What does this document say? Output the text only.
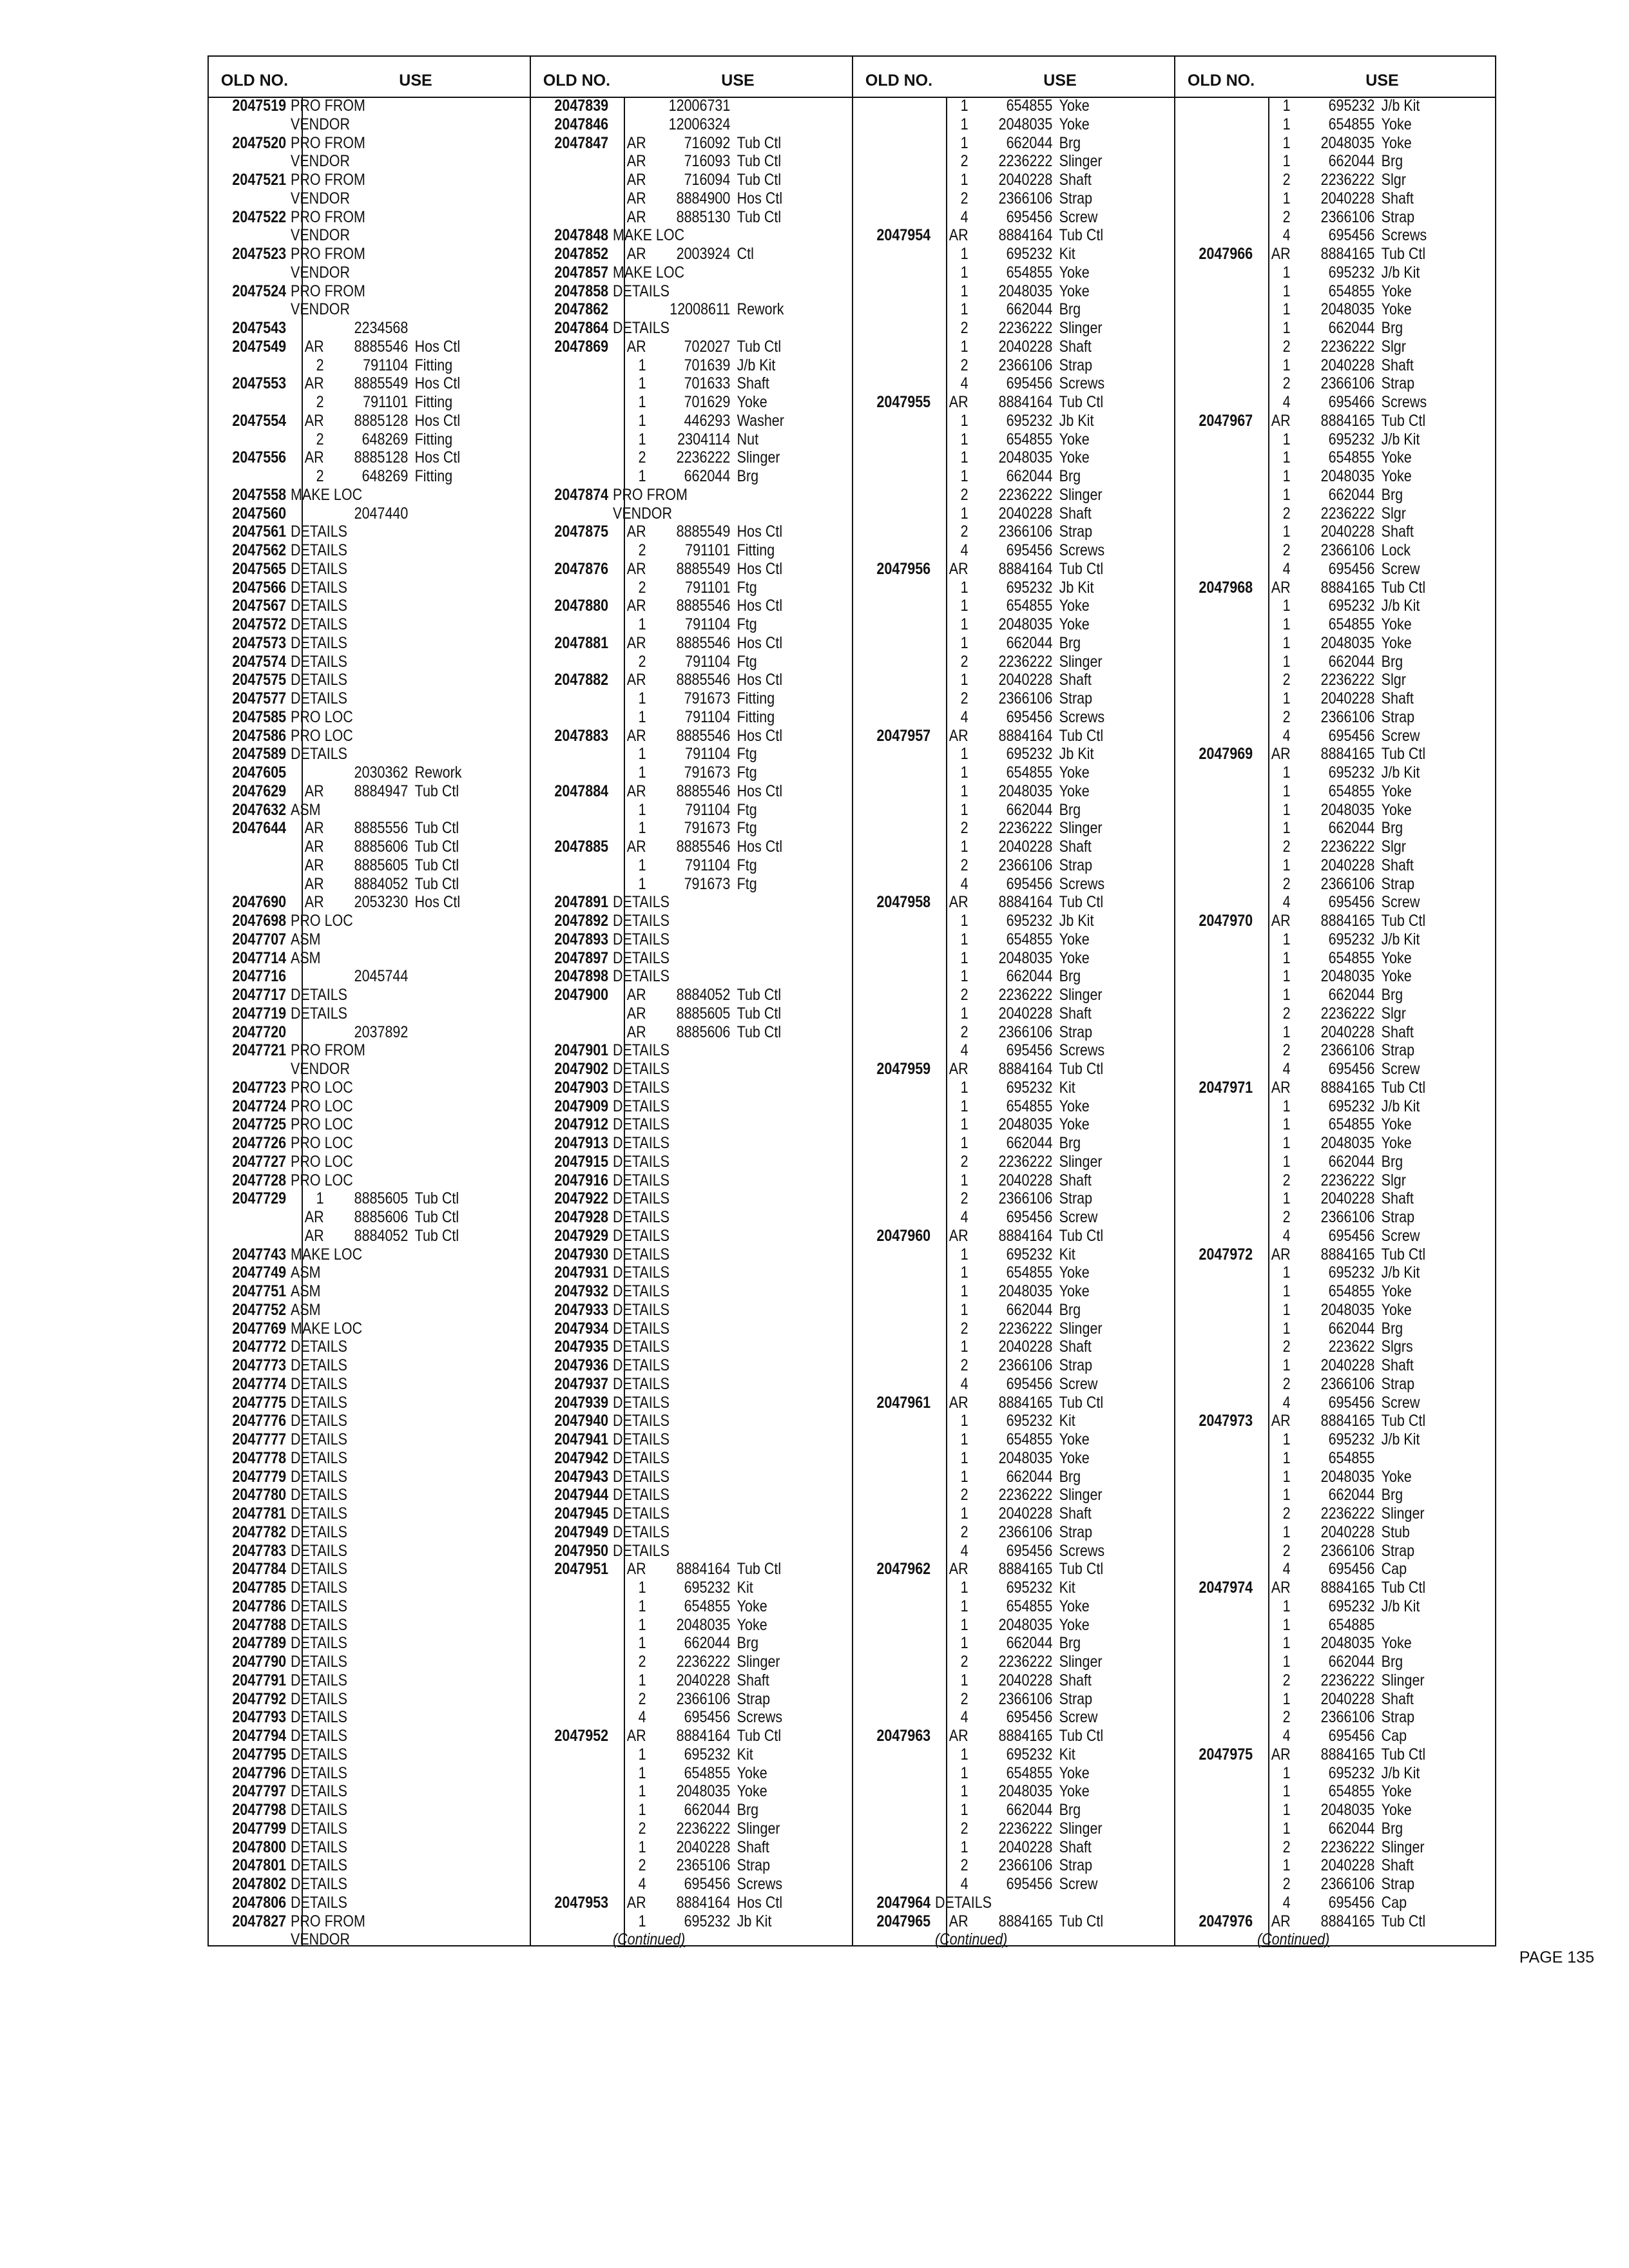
OLD NO.	USE	OLD NO.	USE	OLD NO.	USE	OLD NO.	USE
2047519 PRO FROM
VENDOR
2047520 PRO FROM
VENDOR
2047521 PRO FROM
VENDOR
2047522 PRO FROM
VENDOR
2047523 PRO FROM
VENDOR
2047524 PRO FROM
VENDOR
2047543	2234568
2047549	AR	8885546 Hos Ctl
2	791104 Fitting
2047553	AR	8885549 Hos Ctl
2	791101 Fitting
2047554	AR	8885128 Hos Ctl
2	648269 Fitting
2047556	AR	8885128 Hos Ctl
2	648269 Fitting
2047558 MAKE LOC
2047560	2047440
2047561 DETAILS
2047562 DETAILS
2047565 DETAILS
2047566 DETAILS
2047567 DETAILS
2047572 DETAILS
2047573 DETAILS
2047574 DETAILS
2047575 DETAILS
2047577 DETAILS
2047585 PRO LOC
2047586 PRO LOC
2047589 DETAILS
2047605	2030362 Rework
2047629	AR	8884947 Tub Ctl
2047632 ASM
2047644	AR	8885556 Tub Ctl
AR	8885606 Tub Ctl
AR	8885605 Tub Ctl
AR	8884052 Tub Ctl
2047690	AR	2053230 Hos Ctl
2047698 PRO LOC
2047707 ASM
2047714 ASM
2047716	2045744
2047717 DETAILS
2047719 DETAILS
2047720	2037892
2047721 PRO FROM
VENDOR
2047723 PRO LOC
2047724 PRO LOC
2047725 PRO LOC
2047726 PRO LOC
2047727 PRO LOC
2047728 PRO LOC
2047729	1	8885605 Tub Ctl
AR	8885606 Tub Ctl
AR	8884052 Tub Ctl
2047743 MAKE LOC
2047749 ASM
2047751 ASM
2047752 ASM
2047769 MAKE LOC
2047772 DETAILS
2047773 DETAILS
2047774 DETAILS
2047775 DETAILS
2047776 DETAILS
2047777 DETAILS
2047778 DETAILS
2047779 DETAILS
2047780 DETAILS
2047781 DETAILS
2047782 DETAILS
2047783 DETAILS
2047784 DETAILS
2047785 DETAILS
2047786 DETAILS
2047788 DETAILS
2047789 DETAILS
2047790 DETAILS
2047791 DETAILS
2047792 DETAILS
2047793 DETAILS
2047794 DETAILS
2047795 DETAILS
2047796 DETAILS
2047797 DETAILS
2047798 DETAILS
2047799 DETAILS
2047800 DETAILS
2047801 DETAILS
2047802 DETAILS
2047806 DETAILS
2047827 PRO FROM
VENDOR
2047839	12006731
2047846	12006324
2047847	AR	716092 Tub Ctl
AR	716093 Tub Ctl
AR	716094 Tub Ctl
AR	8884900 Hos Ctl
AR	8885130 Tub Ctl
2047848 MAKE LOC
2047852	AR	2003924 Ctl
2047857 MAKE LOC
2047858 DETAILS
2047862	12008611 Rework
2047864 DETAILS
2047869	AR	702027 Tub Ctl
1	701639 J/b Kit
1	701633 Shaft
1	701629 Yoke
1	446293 Washer
1	2304114 Nut
2	2236222 Slinger
1	662044 Brg
2047874 PRO FROM
VENDOR
2047875	AR	8885549 Hos Ctl
2	791101 Fitting
2047876	AR	8885549 Hos Ctl
2	791101 Ftg
2047880	AR	8885546 Hos Ctl
1	791104 Ftg
2047881	AR	8885546 Hos Ctl
2	791104 Ftg
2047882	AR	8885546 Hos Ctl
1	791673 Fitting
1	791104 Fitting
2047883	AR	8885546 Hos Ctl
1	791104 Ftg
1	791673 Ftg
2047884	AR	8885546 Hos Ctl
1	791104 Ftg
1	791673 Ftg
2047885	AR	8885546 Hos Ctl
1	791104 Ftg
1	791673 Ftg
2047891 DETAILS
2047892 DETAILS
2047893 DETAILS
2047897 DETAILS
2047898 DETAILS
2047900	AR	8884052 Tub Ctl
AR	8885605 Tub Ctl
AR	8885606 Tub Ctl
2047901 DETAILS
2047902 DETAILS
2047903 DETAILS
2047909 DETAILS
2047912 DETAILS
2047913 DETAILS
2047915 DETAILS
2047916 DETAILS
2047922 DETAILS
2047928 DETAILS
2047929 DETAILS
2047930 DETAILS
2047931 DETAILS
2047932 DETAILS
2047933 DETAILS
2047934 DETAILS
2047935 DETAILS
2047936 DETAILS
2047937 DETAILS
2047939 DETAILS
2047940 DETAILS
2047941 DETAILS
2047942 DETAILS
2047943 DETAILS
2047944 DETAILS
2047945 DETAILS
2047949 DETAILS
2047950 DETAILS
2047951	AR	8884164 Tub Ctl
1	695232 Kit
1	654855 Yoke
1	2048035 Yoke
1	662044 Brg
2	2236222 Slinger
1	2040228 Shaft
2	2366106 Strap
4	695456 Screws
2047952	AR	8884164 Tub Ctl
1	695232 Kit
1	654855 Yoke
1	2048035 Yoke
1	662044 Brg
2	2236222 Slinger
1	2040228 Shaft
2	2365106 Strap
4	695456 Screws
2047953	AR	8884164 Hos Ctl
1	695232 Jb Kit
(Continued)
1	654855 Yoke
1	2048035 Yoke
1	662044 Brg
2	2236222 Slinger
1	2040228 Shaft
2	2366106 Strap
4	695456 Screw
2047954	AR	8884164 Tub Ctl
1	695232 Kit
1	654855 Yoke
1	2048035 Yoke
1	662044 Brg
2	2236222 Slinger
1	2040228 Shaft
2	2366106 Strap
4	695456 Screws
2047955	AR	8884164 Tub Ctl
1	695232 Jb Kit
1	654855 Yoke
1	2048035 Yoke
1	662044 Brg
2	2236222 Slinger
1	2040228 Shaft
2	2366106 Strap
4	695456 Screws
2047956	AR	8884164 Tub Ctl
1	695232 Jb Kit
1	654855 Yoke
1	2048035 Yoke
1	662044 Brg
2	2236222 Slinger
1	2040228 Shaft
2	2366106 Strap
4	695456 Screws
2047957	AR	8884164 Tub Ctl
1	695232 Jb Kit
1	654855 Yoke
1	2048035 Yoke
1	662044 Brg
2	2236222 Slinger
1	2040228 Shaft
2	2366106 Strap
4	695456 Screws
2047958	AR	8884164 Tub Ctl
1	695232 Jb Kit
1	654855 Yoke
1	2048035 Yoke
1	662044 Brg
2	2236222 Slinger
1	2040228 Shaft
2	2366106 Strap
4	695456 Screws
2047959	AR	8884164 Tub Ctl
1	695232 Kit
1	654855 Yoke
1	2048035 Yoke
1	662044 Brg
2	2236222 Slinger
1	2040228 Shaft
2	2366106 Strap
4	695456 Screw
2047960	AR	8884164 Tub Ctl
1	695232 Kit
1	654855 Yoke
1	2048035 Yoke
1	662044 Brg
2	2236222 Slinger
1	2040228 Shaft
2	2366106 Strap
4	695456 Screw
2047961	AR	8884165 Tub Ctl
1	695232 Kit
1	654855 Yoke
1	2048035 Yoke
1	662044 Brg
2	2236222 Slinger
1	2040228 Shaft
2	2366106 Strap
4	695456 Screws
2047962	AR	8884165 Tub Ctl
1	695232 Kit
1	654855 Yoke
1	2048035 Yoke
1	662044 Brg
2	2236222 Slinger
1	2040228 Shaft
2	2366106 Strap
4	695456 Screw
2047963	AR	8884165 Tub Ctl
1	695232 Kit
1	654855 Yoke
1	2048035 Yoke
1	662044 Brg
2	2236222 Slinger
1	2040228 Shaft
2	2366106 Strap
4	695456 Screw
2047964 DETAILS
2047965	AR	8884165 Tub Ctl
(Continued)
1	695232 J/b Kit
1	654855 Yoke
1	2048035 Yoke
1	662044 Brg
2	2236222 Slgr
1	2040228 Shaft
2	2366106 Strap
4	695456 Screws
2047966	AR	8884165 Tub Ctl
1	695232 J/b Kit
1	654855 Yoke
1	2048035 Yoke
1	662044 Brg
2	2236222 Slgr
1	2040228 Shaft
2	2366106 Strap
4	695466 Screws
2047967	AR	8884165 Tub Ctl
1	695232 J/b Kit
1	654855 Yoke
1	2048035 Yoke
1	662044 Brg
2	2236222 Slgr
1	2040228 Shaft
2	2366106 Lock
4	695456 Screw
2047968	AR	8884165 Tub Ctl
1	695232 J/b Kit
1	654855 Yoke
1	2048035 Yoke
1	662044 Brg
2	2236222 Slgr
1	2040228 Shaft
2	2366106 Strap
4	695456 Screw
2047969	AR	8884165 Tub Ctl
1	695232 J/b Kit
1	654855 Yoke
1	2048035 Yoke
1	662044 Brg
2	2236222 Slgr
1	2040228 Shaft
2	2366106 Strap
4	695456 Screw
2047970	AR	8884165 Tub Ctl
1	695232 J/b Kit
1	654855 Yoke
1	2048035 Yoke
1	662044 Brg
2	2236222 Slgr
1	2040228 Shaft
2	2366106 Strap
4	695456 Screw
2047971	AR	8884165 Tub Ctl
1	695232 J/b Kit
1	654855 Yoke
1	2048035 Yoke
1	662044 Brg
2	2236222 Slgr
1	2040228 Shaft
2	2366106 Strap
4	695456 Screw
2047972	AR	8884165 Tub Ctl
1	695232 J/b Kit
1	654855 Yoke
1	2048035 Yoke
1	662044 Brg
2	223622 Slgrs
1	2040228 Shaft
2	2366106 Strap
4	695456 Screw
2047973	AR	8884165 Tub Ctl
1	695232 J/b Kit
1	654855
1	2048035 Yoke
1	662044 Brg
2	2236222 Slinger
1	2040228 Stub
2	2366106 Strap
4	695456 Cap
2047974	AR	8884165 Tub Ctl
1	695232 J/b Kit
1	654885
1	2048035 Yoke
1	662044 Brg
2	2236222 Slinger
1	2040228 Shaft
2	2366106 Strap
4	695456 Cap
2047975	AR	8884165 Tub Ctl
1	695232 J/b Kit
1	654855 Yoke
1	2048035 Yoke
1	662044 Brg
2	2236222 Slinger
1	2040228 Shaft
2	2366106 Strap
4	695456 Cap
2047976	AR	8884165 Tub Ctl
(Continued)
PAGE 135
